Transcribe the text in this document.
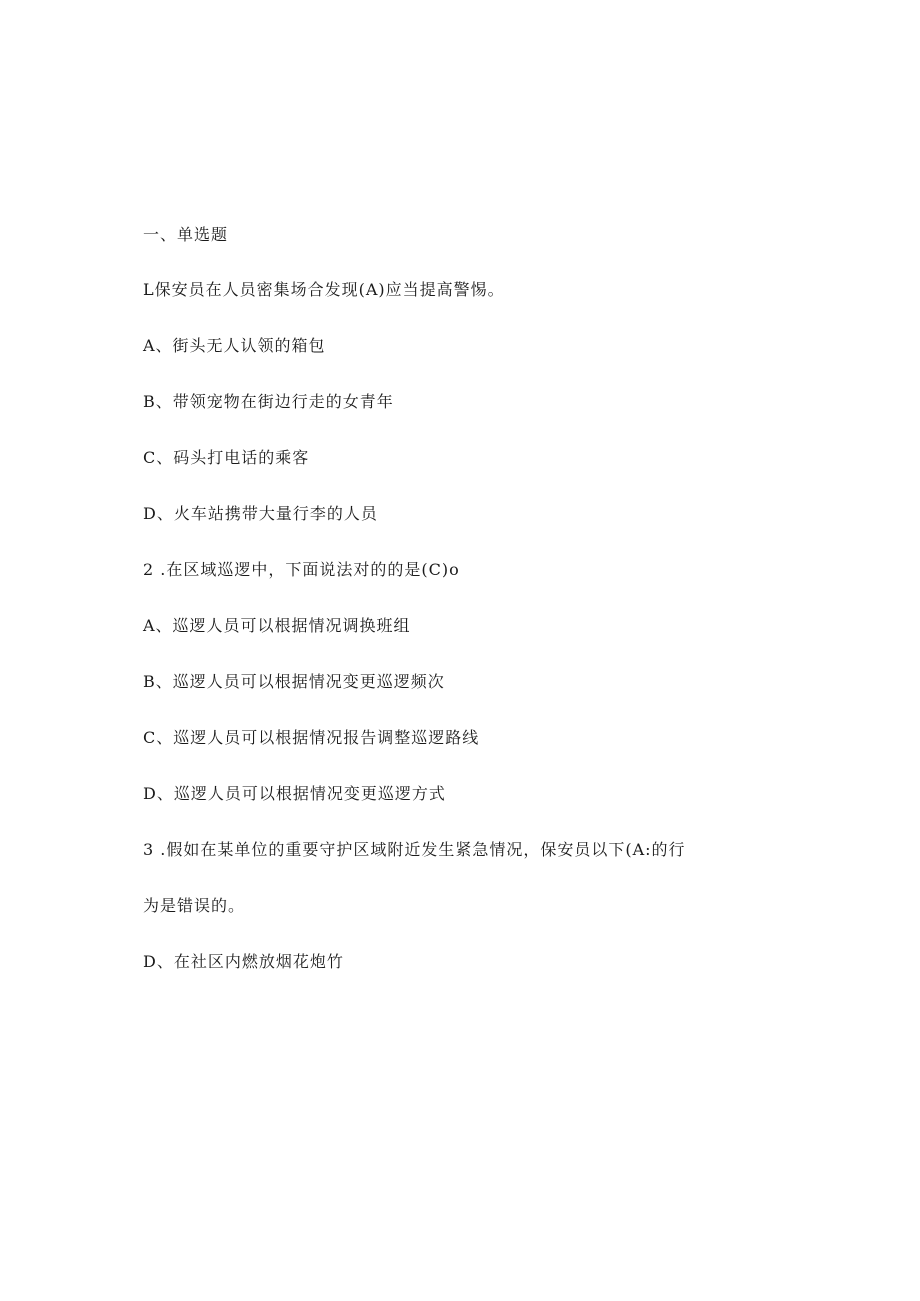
一、单选题
L保安员在人员密集场合发现(A)应当提高警惕。
A、街头无人认领的箱包
B、带领宠物在街边行走的女青年
C、码头打电话的乘客
D、火车站携带大量行李的人员
2 .在区域巡逻中，下面说法对的的是(C)o
A、巡逻人员可以根据情况调换班组
B、巡逻人员可以根据情况变更巡逻频次
C、巡逻人员可以根据情况报告调整巡逻路线
D、巡逻人员可以根据情况变更巡逻方式
3 .假如在某单位的重要守护区域附近发生紧急情况，保安员以下(A:的行
为是错误的。
D、在社区内燃放烟花炮竹
